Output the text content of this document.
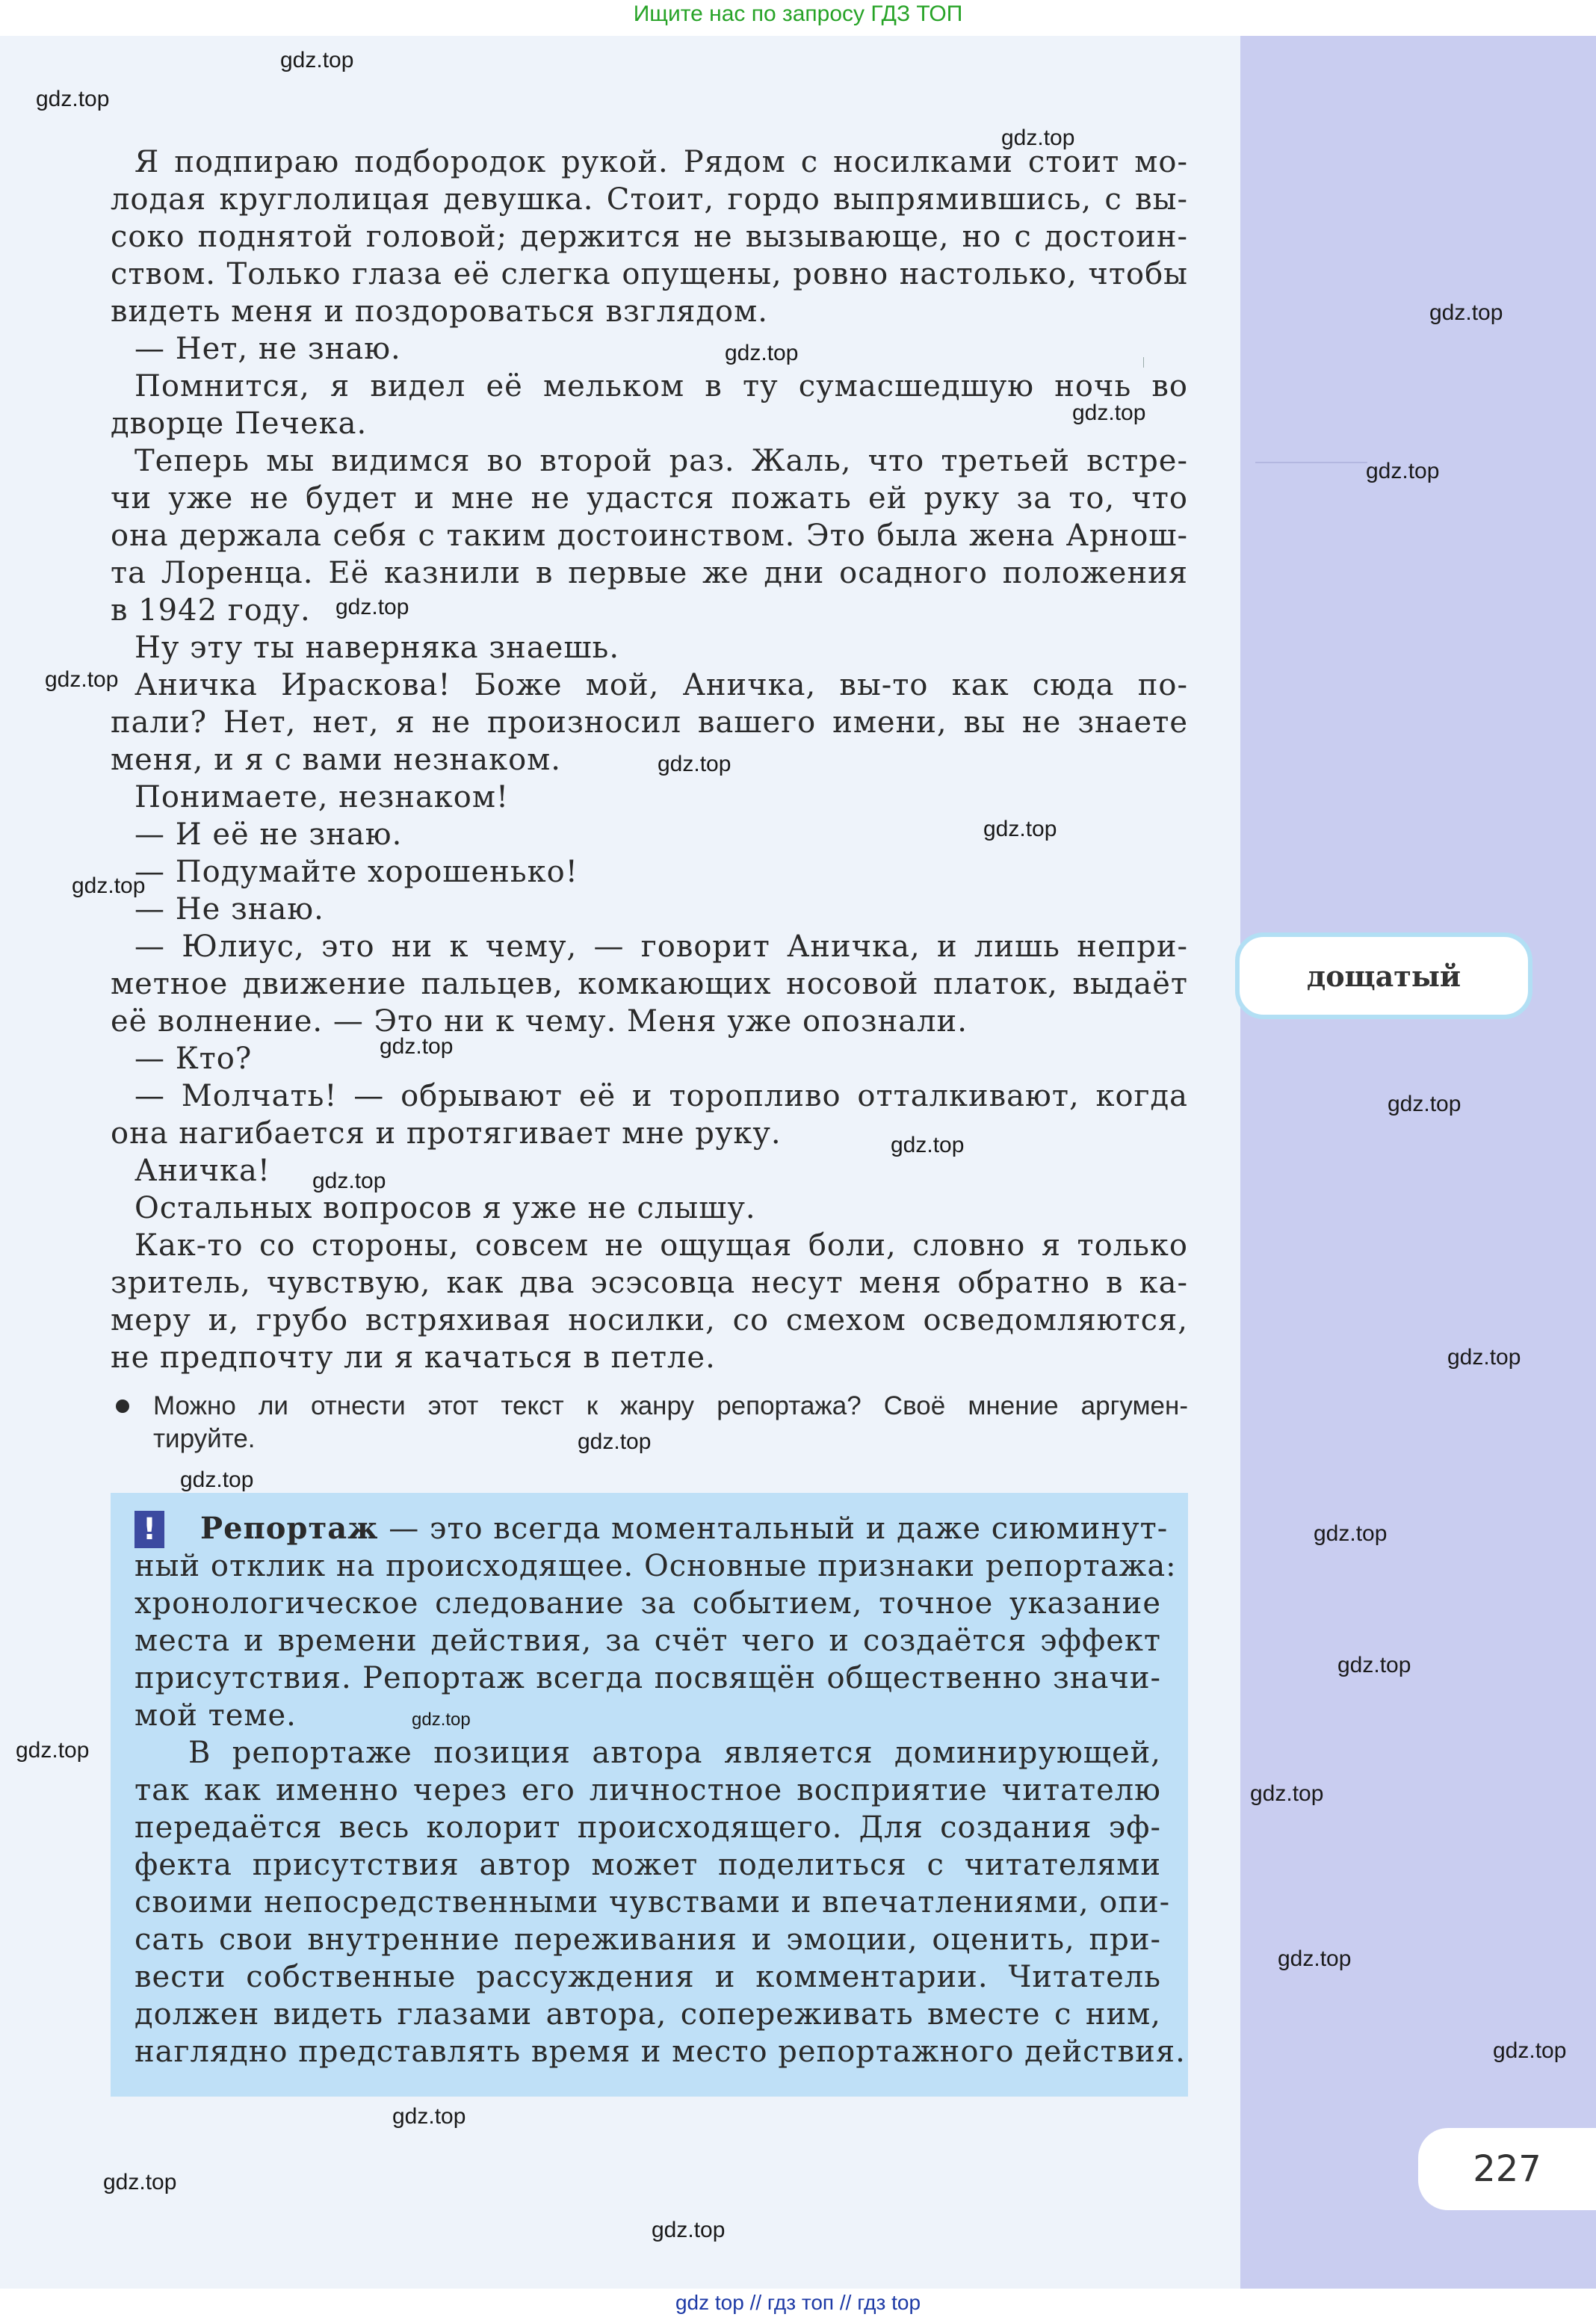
Ищите нас по запросу ГДЗ ТОП
Я подпираю подбородок рукой. Рядом с носилками стоит мо-
лодая круглолицая девушка. Стоит, гордо выпрямившись, с вы-
соко поднятой головой; держится не вызывающе, но с достоин-
ством. Только глаза её слегка опущены, ровно настолько, чтобы
видеть меня и поздороваться взглядом.
— Нет, не знаю.
Помнится, я видел её мельком в ту сумасшедшую ночь во
дворце Печека.
Теперь мы видимся во второй раз. Жаль, что третьей встре-
чи уже не будет и мне не удастся пожать ей руку за то, что
она держала себя с таким достоинством. Это была жена Арнош-
та Лоренца. Её казнили в первые же дни осадного положения
в 1942 году.
Ну эту ты наверняка знаешь.
Аничка Ираскова! Боже мой, Аничка, вы-то как сюда по-
пали? Нет, нет, я не произносил вашего имени, вы не знаете
меня, и я с вами незнаком.
Понимаете, незнаком!
— И её не знаю.
— Подумайте хорошенько!
— Не знаю.
— Юлиус, это ни к чему, — говорит Аничка, и лишь непри-
метное движение пальцев, комкающих носовой платок, выдаёт
её волнение. — Это ни к чему. Меня уже опознали.
— Кто?
— Молчать! — обрывают её и торопливо отталкивают, когда
она нагибается и протягивает мне руку.
Аничка!
Остальных вопросов я уже не слышу.
Как-то со стороны, совсем не ощущая боли, словно я только
зритель, чувствую, как два эсэсовца несут меня обратно в ка-
меру и, грубо встряхивая носилки, со смехом осведомляются,
не предпочту ли я качаться в петле.
Можно ли отнести этот текст к жанру репортажа? Своё мнение аргумен-
тируйте.
! Репортаж — это всегда моментальный и даже сиюминут-
ный отклик на происходящее. Основные признаки репортажа:
хронологическое следование за событием, точное указание
места и времени действия, за счёт чего и создаётся эффект
присутствия. Репортаж всегда посвящён общественно значи-
мой теме.
В репортаже позиция автора является доминирующей,
так как именно через его личностное восприятие читателю
передаётся весь колорит происходящего. Для создания эф-
фекта присутствия автор может поделиться с читателями
своими непосредственными чувствами и впечатлениями, опи-
сать свои внутренние переживания и эмоции, оценить, при-
вести собственные рассуждения и комментарии. Читатель
должен видеть глазами автора, сопереживать вместе с ним,
наглядно представлять время и место репортажного действия.
дощатый
227
gdz.top
gdz.top
gdz.top
gdz.top
gdz.top
gdz.top
gdz.top
gdz.top
gdz.top
gdz.top
gdz.top
gdz.top
gdz.top
gdz.top
gdz.top
gdz.top
gdz.top
gdz.top
gdz.top
gdz.top
gdz.top
gdz.top
gdz.top
gdz.top
gdz.top
gdz.top
gdz.top
gdz.top
gdz.top
gdz top // гдз топ // гдз top
